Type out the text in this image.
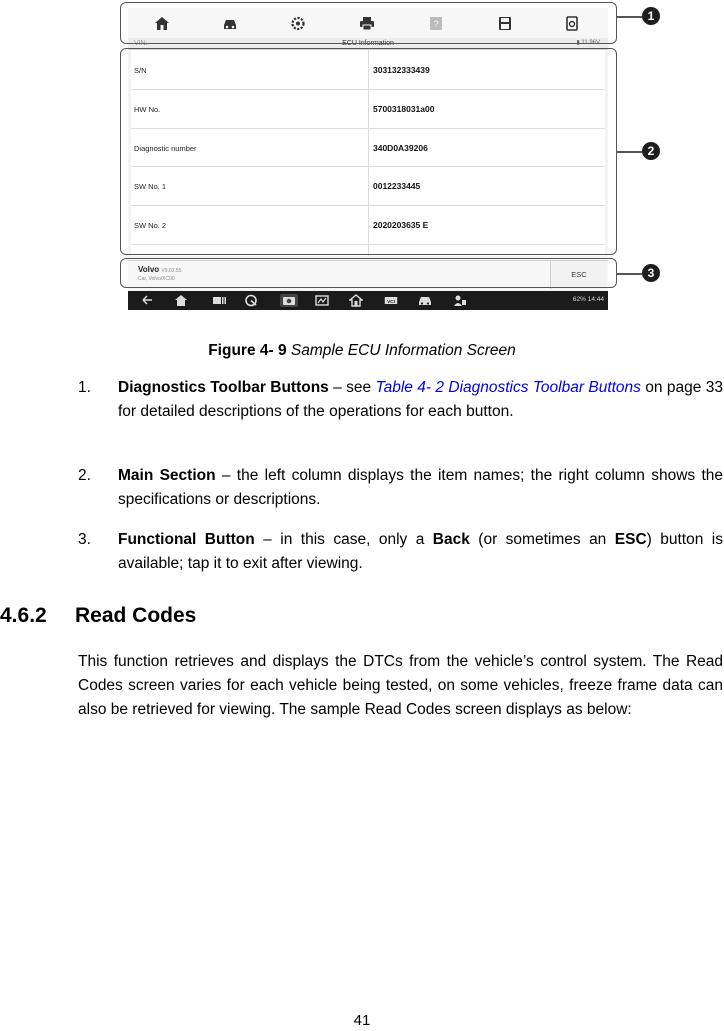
?
VIN:	ECU Information	▮ 11.96V
S/N	303132333439
HW No.	5700318031a00
Diagnostic number	340D0A39206
SW No. 1	0012233445
SW No. 2	2020203635 E
Volvo V9.02.55
Car, Volvo/XC90	ESC
VCI	62% 14:44
1
2
3
Figure 4- 9 Sample ECU Information Screen
1. Diagnostics Toolbar Buttons – see Table 4- 2 Diagnostics Toolbar Buttons on page 33 for detailed descriptions of the operations for each button.
2. Main Section – the left column displays the item names; the right column shows the specifications or descriptions.
3. Functional Button – in this case, only a Back (or sometimes an ESC) button is available; tap it to exit after viewing.
4.6.2 Read Codes
This function retrieves and displays the DTCs from the vehicle’s control system. The Read Codes screen varies for each vehicle being tested, on some vehicles, freeze frame data can also be retrieved for viewing. The sample Read Codes screen displays as below:
41
